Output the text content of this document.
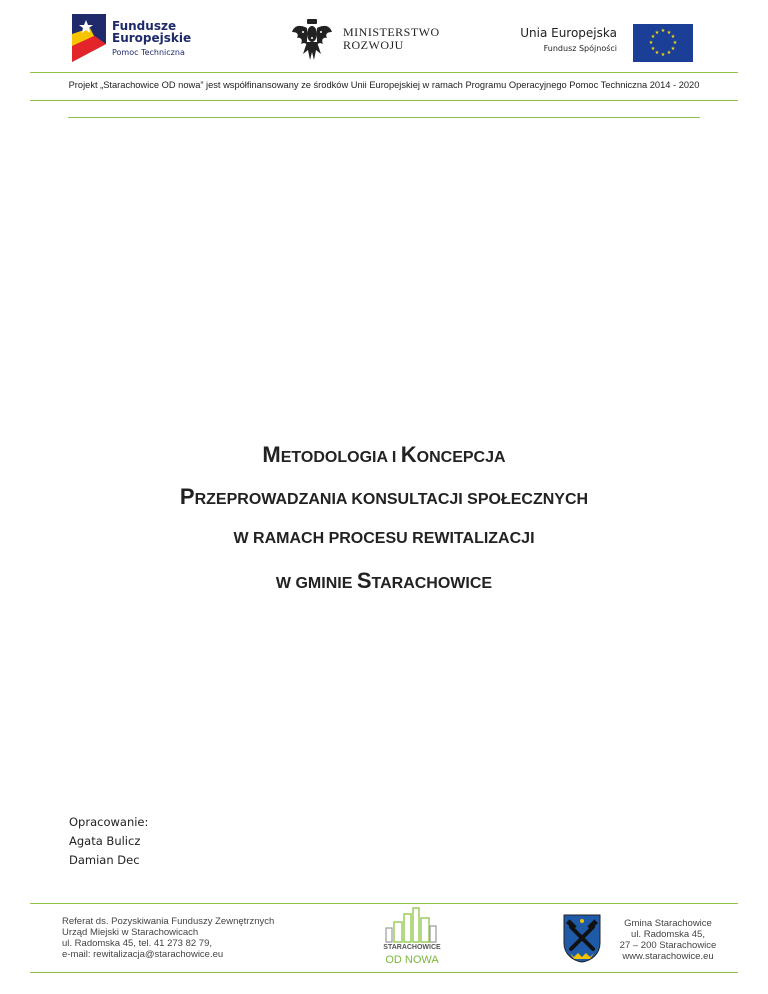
Fundusze
Europejskie
Pomoc Techniczna
MINISTERSTWO
ROZWOJU
Unia Europejska
Fundusz Spójności
★ ★
★
★
★
★
★
★
★
★
★
★
Projekt „Starachowice OD nowa” jest współfinansowany ze środków Unii Europejskiej w ramach Programu Operacyjnego Pomoc Techniczna 2014 - 2020
METODOLOGIA I KONCEPCJA
PRZEPROWADZANIA KONSULTACJI SPOŁECZNYCH
W RAMACH PROCESU REWITALIZACJI
W GMINIE STARACHOWICE
Opracowanie:
Agata Bulicz
Damian Dec
Referat ds. Pozyskiwania Funduszy Zewnętrznych
Urząd Miejski w Starachowicach
ul. Radomska 45, tel. 41 273 82 79,
e-mail: rewitalizacja@starachowice.eu
STARACHOWICE
OD NOWA
Gmina Starachowice
ul. Radomska 45,
27 – 200 Starachowice
www.starachowice.eu
